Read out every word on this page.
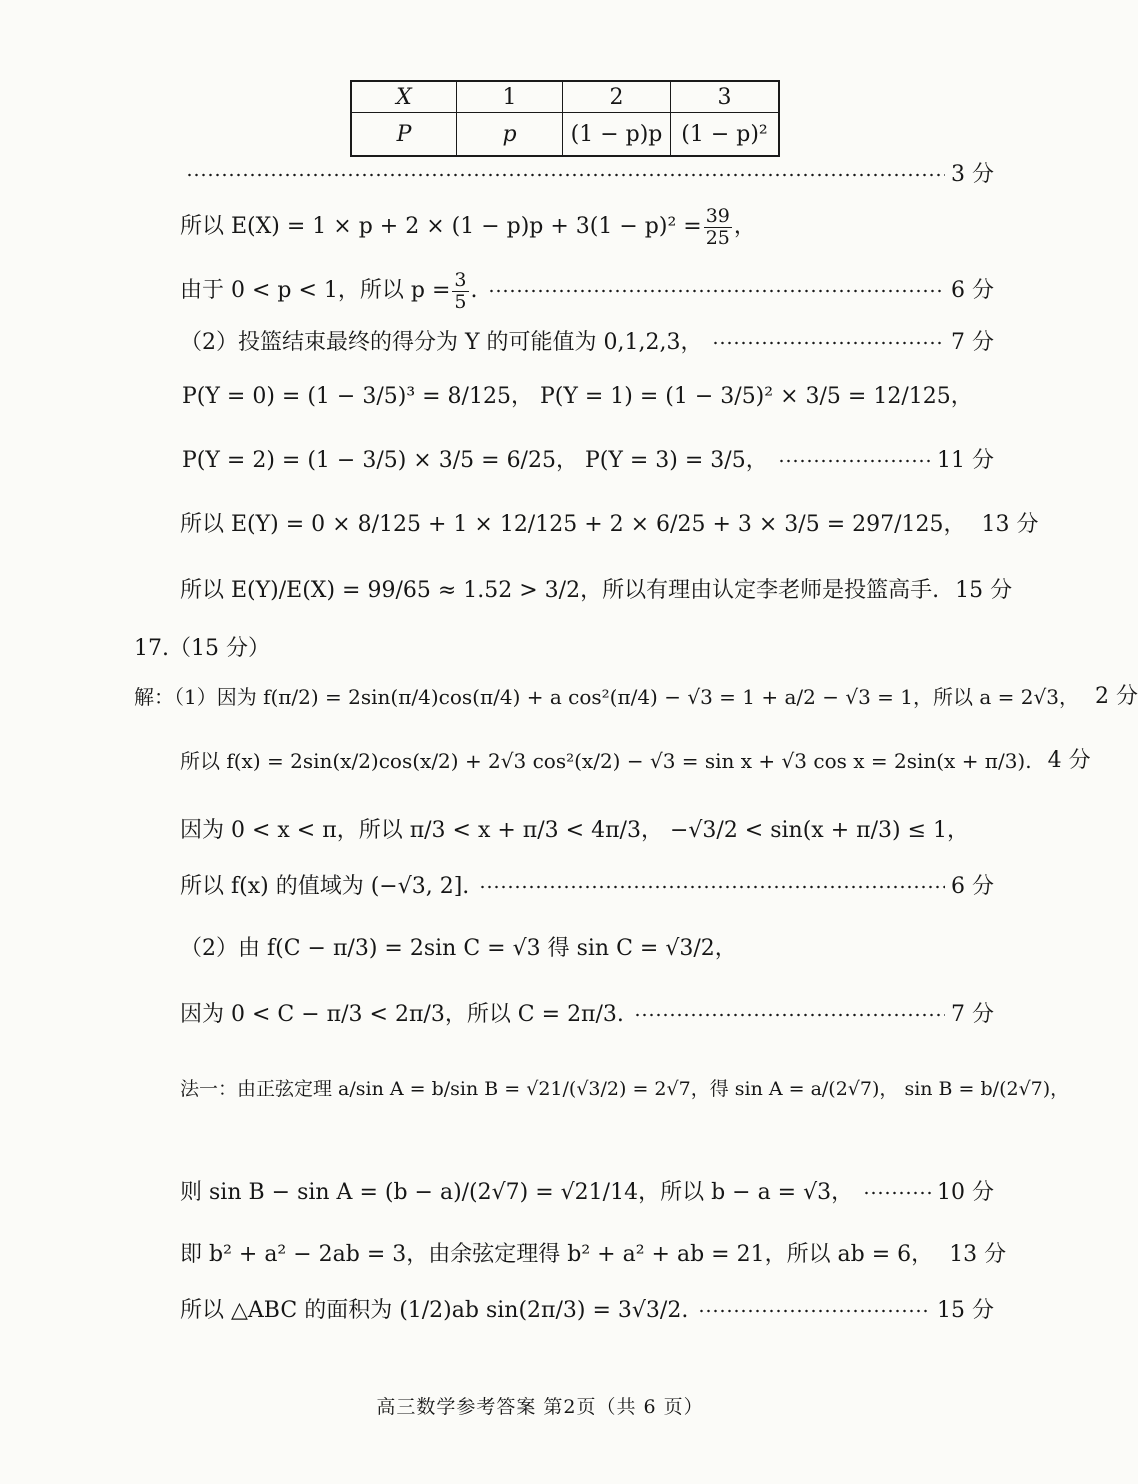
X	1	2	3
P	p	(1 − p)p	(1 − p)²
3 分
所以 $E(X) = 1 \times p + 2 \times (1 - p)p + 3(1 - p)^2 = \frac{39}{25}$ ，
由于 0 < p < 1，所以 $p = \frac{3}{5}$ .	6 分
（2）投篮结束最终的得分为 Y 的可能值为 0,1,2,3，	7 分
P(Y = 0) = (1 − 3/5)³ = 8/125， P(Y = 1) = (1 − 3/5)² × 3/5 = 12/125，
P(Y = 2) = (1 − 3/5) × 3/5 = 6/25， P(Y = 3) = 3/5，	11 分
所以 E(Y) = 0 × 8/125 + 1 × 12/125 + 2 × 6/25 + 3 × 3/5 = 297/125， 13 分
所以 E(Y)/E(X) = 99/65 ≈ 1.52 > 3/2，所以有理由认定李老师是投篮高手. 15 分
17.（15 分）
解：（1）因为 f(π/2) = 2sin(π/4)cos(π/4) + a cos²(π/4) − √3 = 1 + a/2 − √3 = 1，所以 a = 2√3， 2 分
所以 f(x) = 2sin(x/2)cos(x/2) + 2√3 cos²(x/2) − √3 = sin x + √3 cos x = 2sin(x + π/3). 4 分
因为 0 < x < π，所以 π/3 < x + π/3 < 4π/3， −√3/2 < sin(x + π/3) ≤ 1，
所以 f(x) 的值域为 (−√3, 2].	6 分
（2）由 f(C − π/3) = 2sin C = √3 得 sin C = √3/2，
因为 0 < C − π/3 < 2π/3，所以 C = 2π/3.	7 分
法一：由正弦定理 a/sin A = b/sin B = √21/(√3/2) = 2√7，得 sin A = a/(2√7)， sin B = b/(2√7)，
则 sin B − sin A = (b − a)/(2√7) = √21/14，所以 b − a = √3，	10 分
即 b² + a² − 2ab = 3，由余弦定理得 b² + a² + ab = 21，所以 ab = 6， 13 分
所以 △ABC 的面积为 (1/2)ab sin(2π/3) = 3√3/2.	15 分
高三数学参考答案 第2页（共 6 页）
